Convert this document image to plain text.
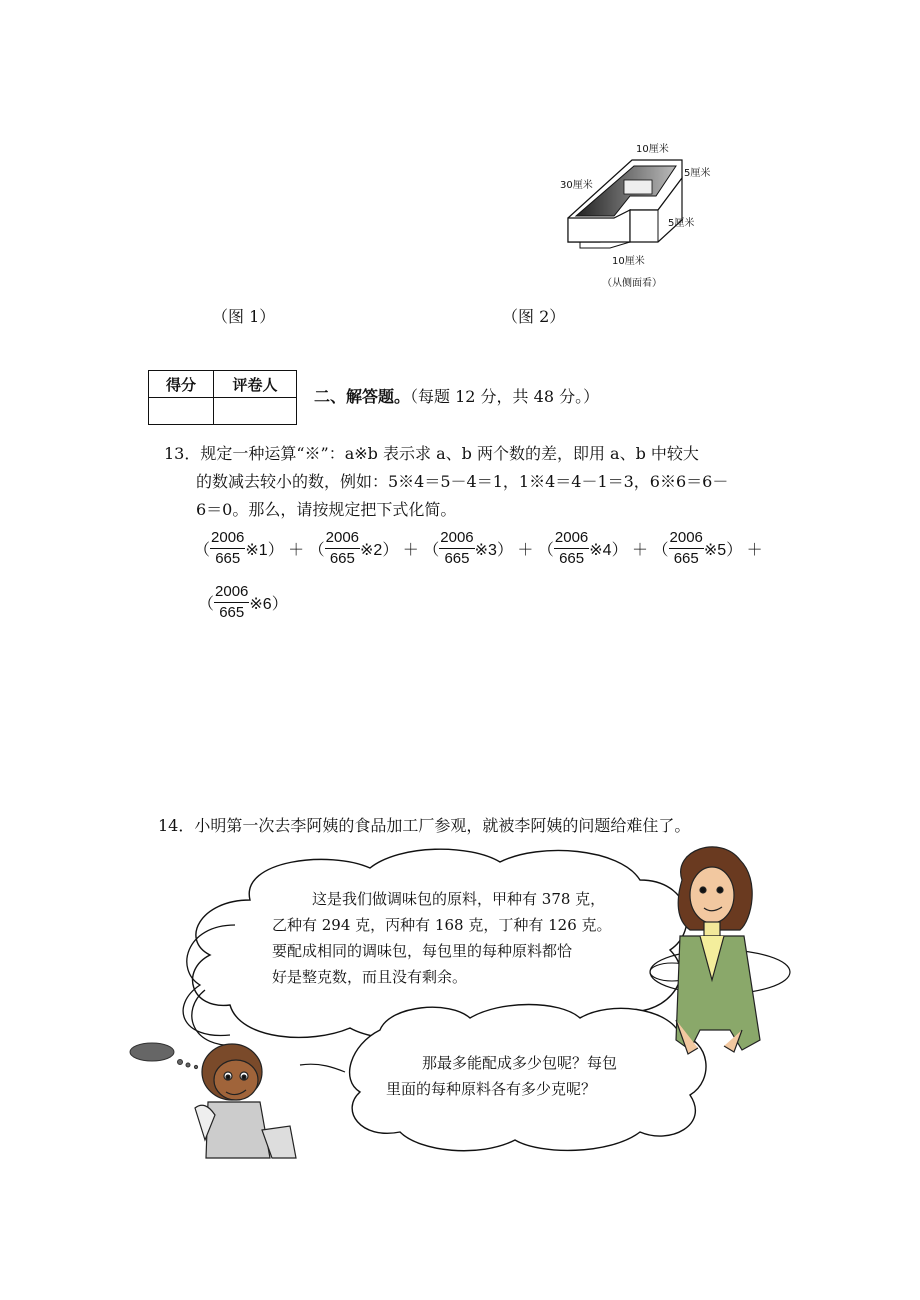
10厘米
5厘米
30厘米
5厘米
10厘米
（从侧面看）
（图 1）	（图 2）
得分	评卷人

二、解答题。（每题 12 分，共 48 分。）
13．规定一种运算“※”：a※b 表示求 a、b 两个数的差，即用 a、b 中较大
的数减去较小的数，例如：5※4＝5－4＝1，1※4＝4－1＝3，6※6＝6－
6＝0。那么，请按规定把下式化简。
（ $\frac{2006}{665}$ ※1） ＋ （ $\frac{2006}{665}$ ※2） ＋ （ $\frac{2006}{665}$ ※3） ＋ （ $\frac{2006}{665}$ ※4） ＋ （ $\frac{2006}{665}$ ※5） ＋
（ $\frac{2006}{665}$ ※6）
14．小明第一次去李阿姨的食品加工厂参观，就被李阿姨的问题给难住了。
这是我们做调味包的原料，甲种有 378 克，
乙种有 294 克，丙种有 168 克，丁种有 126 克。
要配成相同的调味包，每包里的每种原料都恰
好是整克数，而且没有剩余。
那最多能配成多少包呢？每包
里面的每种原料各有多少克呢？
